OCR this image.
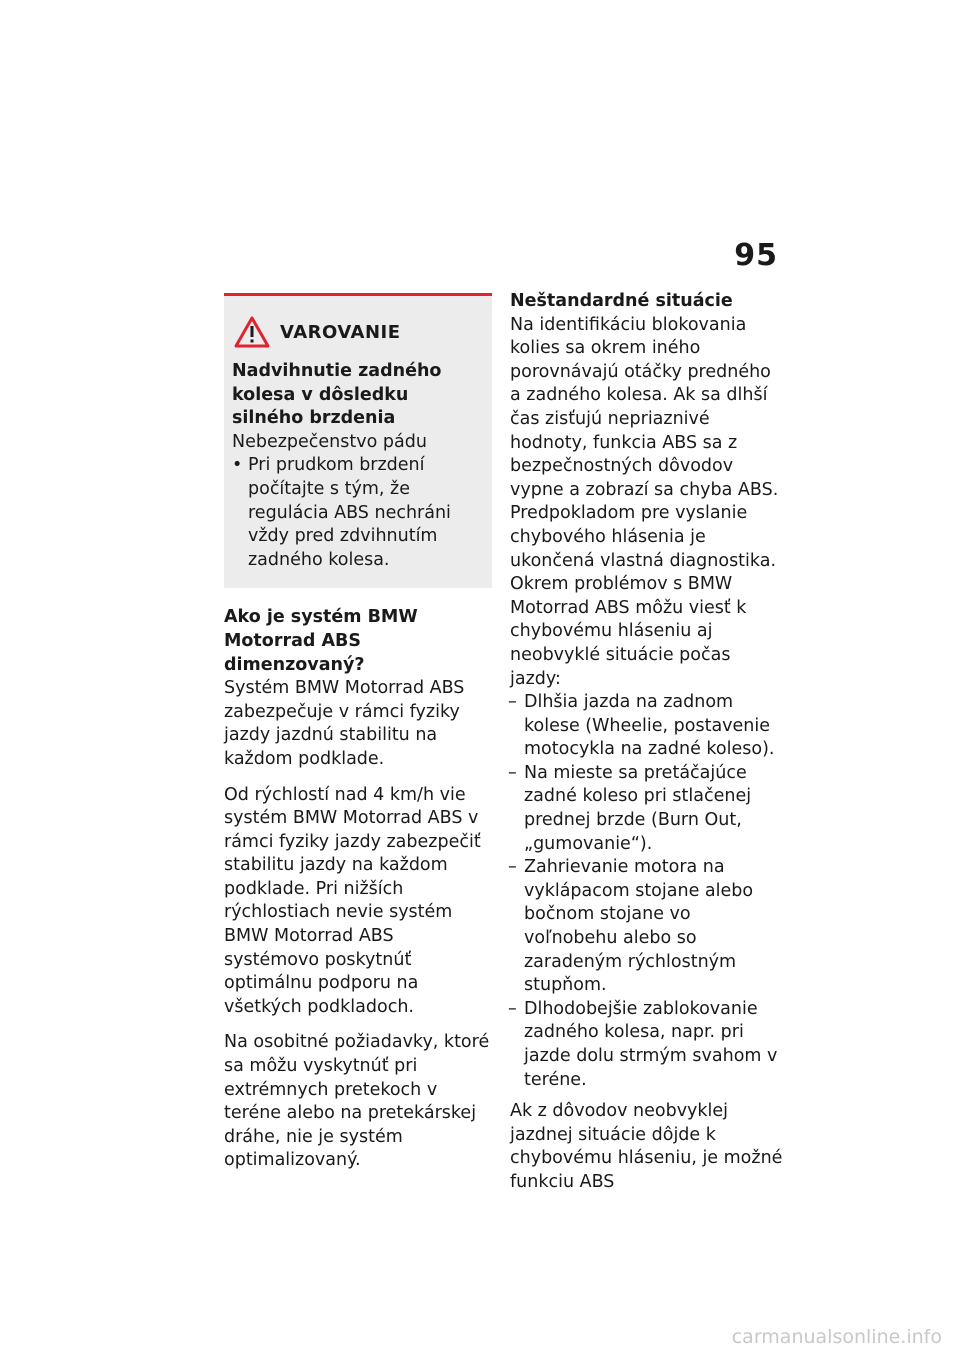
95
VAROVANIE

Nadvihnutie zadného kolesa v dôsledku silného brzdenia

Nebezpečenstvo pádu

• Pri prudkom brzdení počítajte s tým, že regulácia ABS nechráni vždy pred zdvihnutím zadného kolesa.

Ako je systém BMW Motorrad ABS dimenzovaný?

Systém BMW Motorrad ABS zabezpečuje v rámci fyziky jazdy jazdnú stabilitu na každom podklade.

Od rýchlostí nad 4 km/h vie systém BMW Motorrad ABS v rámci fyziky jazdy zabezpečiť stabilitu jazdy na každom podklade. Pri nižších rýchlostiach nevie systém BMW Motorrad ABS systémovo poskytnúť optimálnu podporu na všetkých podkladoch.

Na osobitné požiadavky, ktoré sa môžu vyskytnúť pri extrémnych pretekoch v teréne alebo na pretekárskej dráhe, nie je systém optimalizovaný.

Neštandardné situácie

Na identifikáciu blokovania kolies sa okrem iného porovnávajú otáčky predného a zadného kolesa. Ak sa dlhší čas zisťujú nepriaznivé hodnoty, funkcia ABS sa z bezpečnostných dôvodov vypne a zobrazí sa chyba ABS. Predpokladom pre vyslanie chybového hlásenia je ukončená vlastná diagnostika.

Okrem problémov s BMW Motorrad ABS môžu viesť k chybovému hláseniu aj neobvyklé situácie počas jazdy:

– Dlhšia jazda na zadnom kolese (Wheelie, postavenie motocykla na zadné koleso).
– Na mieste sa pretáčajúce zadné koleso pri stlačenej prednej brzde (Burn Out, „gumovanie“).
– Zahrievanie motora na vyklápacom stojane alebo bočnom stojane vo voľnobehu alebo so zaradeným rýchlostným stupňom.
– Dlhodobejšie zablokovanie zadného kolesa, napr. pri jazde dolu strmým svahom v teréne.

Ak z dôvodov neobvyklej jazdnej situácie dôjde k chybovému hláseniu, je možné funkciu ABS

carmanualsonline.info
